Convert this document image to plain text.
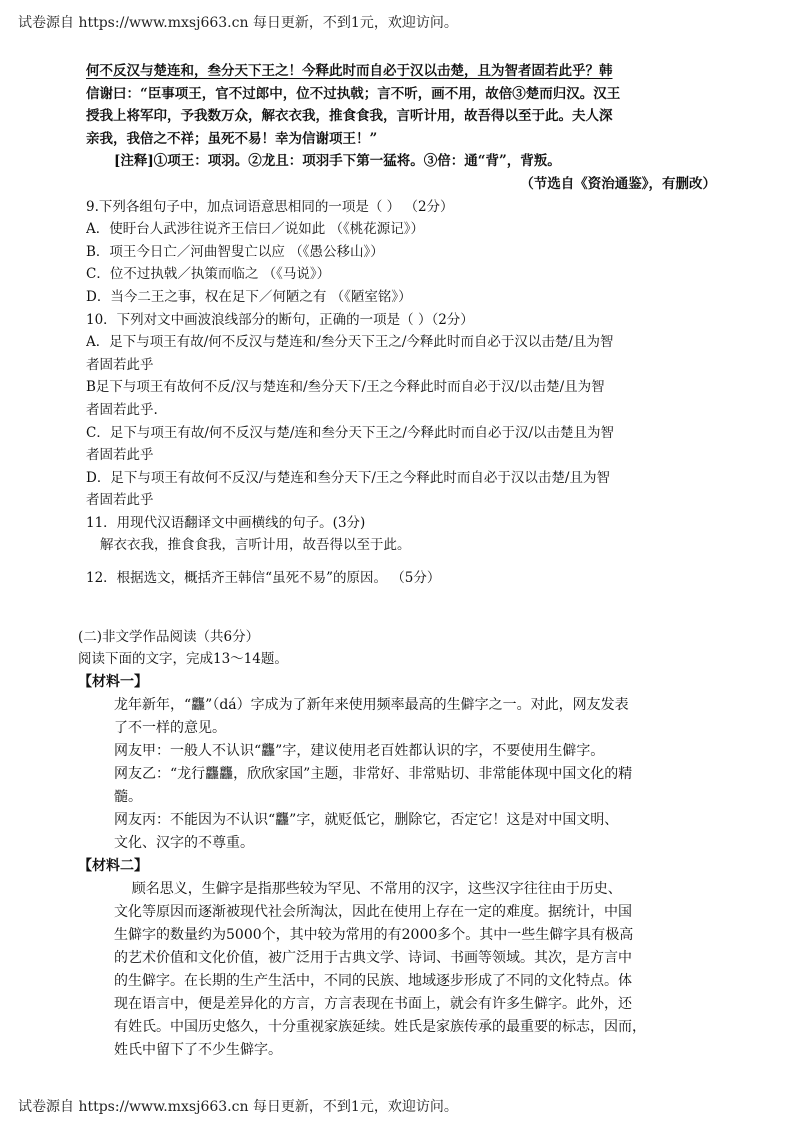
试卷源自 https://www.mxsj663.cn 每日更新，不到1元，欢迎访问。
何不反汉与楚连和，叁分天下王之！今释此时而自必于汉以击楚，且为智者固若此乎？韩
信谢曰：“臣事项王，官不过郎中，位不过执戟；言不听，画不用，故倍③楚而归汉。汉王
授我上将军印，予我数万众，解衣衣我，推食食我，言听计用，故吾得以至于此。夫人深
亲我，我倍之不祥；虽死不易！幸为信谢项王！”
[注释]①项王：项羽。②龙且：项羽手下第一猛将。③倍：通“背”，背叛。
（节选自《资治通鉴》，有删改）
9.下列各组句子中，加点词语意思相同的一项是（ ） （2分）
A．使盱台人武涉往说齐王信曰／说如此 （《桃花源记》）
B．项王今日亡／河曲智叟亡以应 （《愚公移山》）
C．位不过执戟／执策而临之 （《马说》）
D．当今二王之事，权在足下／何陋之有 （《陋室铭》）
10．下列对文中画波浪线部分的断句，正确的一项是（ ）（2分）
A．足下与项王有故/何不反汉与楚连和/叁分天下王之/今释此时而自必于汉以击楚/且为智
者固若此乎
B足下与项王有故何不反/汉与楚连和/叁分天下/王之今释此时而自必于汉/以击楚/且为智
者固若此乎.
C．足下与项王有故/何不反汉与楚/连和叁分天下王之/今释此时而自必于汉/以击楚且为智
者固若此乎
D．足下与项王有故何不反汉/与楚连和叁分天下/王之今释此时而自必于汉以击楚/且为智
者固若此乎
11．用现代汉语翻译文中画横线的句子。(3分)
解衣衣我，推食食我，言听计用，故吾得以至于此。
12．根据选文，概括齐王韩信“虽死不易”的原因。 （5分）
(二)非文学作品阅读（共6分）
阅读下面的文字，完成13～14题。
【材料一】
龙年新年，“龘”（dá）字成为了新年来使用频率最高的生僻字之一。对此，网友发表
了不一样的意见。
网友甲：一般人不认识“龘”字，建议使用老百姓都认识的字，不要使用生僻字。
网友乙：“龙行龘龘，欣欣家国”主题，非常好、非常贴切、非常能体现中国文化的精
髓。
网友丙：不能因为不认识“龘”字，就贬低它，删除它，否定它！这是对中国文明、
文化、汉字的不尊重。
【材料二】
顾名思义，生僻字是指那些较为罕见、不常用的汉字，这些汉字往往由于历史、
文化等原因而逐渐被现代社会所淘汰，因此在使用上存在一定的难度。据统计，中国
生僻字的数量约为5000个，其中较为常用的有2000多个。其中一些生僻字具有极高
的艺术价值和文化价值，被广泛用于古典文学、诗词、书画等领域。其次，是方言中
的生僻字。在长期的生产生活中，不同的民族、地域逐步形成了不同的文化特点。体
现在语言中，便是差异化的方言，方言表现在书面上，就会有许多生僻字。此外，还
有姓氏。中国历史悠久，十分重视家族延续。姓氏是家族传承的最重要的标志，因而，
姓氏中留下了不少生僻字。
试卷源自 https://www.mxsj663.cn 每日更新，不到1元，欢迎访问。
